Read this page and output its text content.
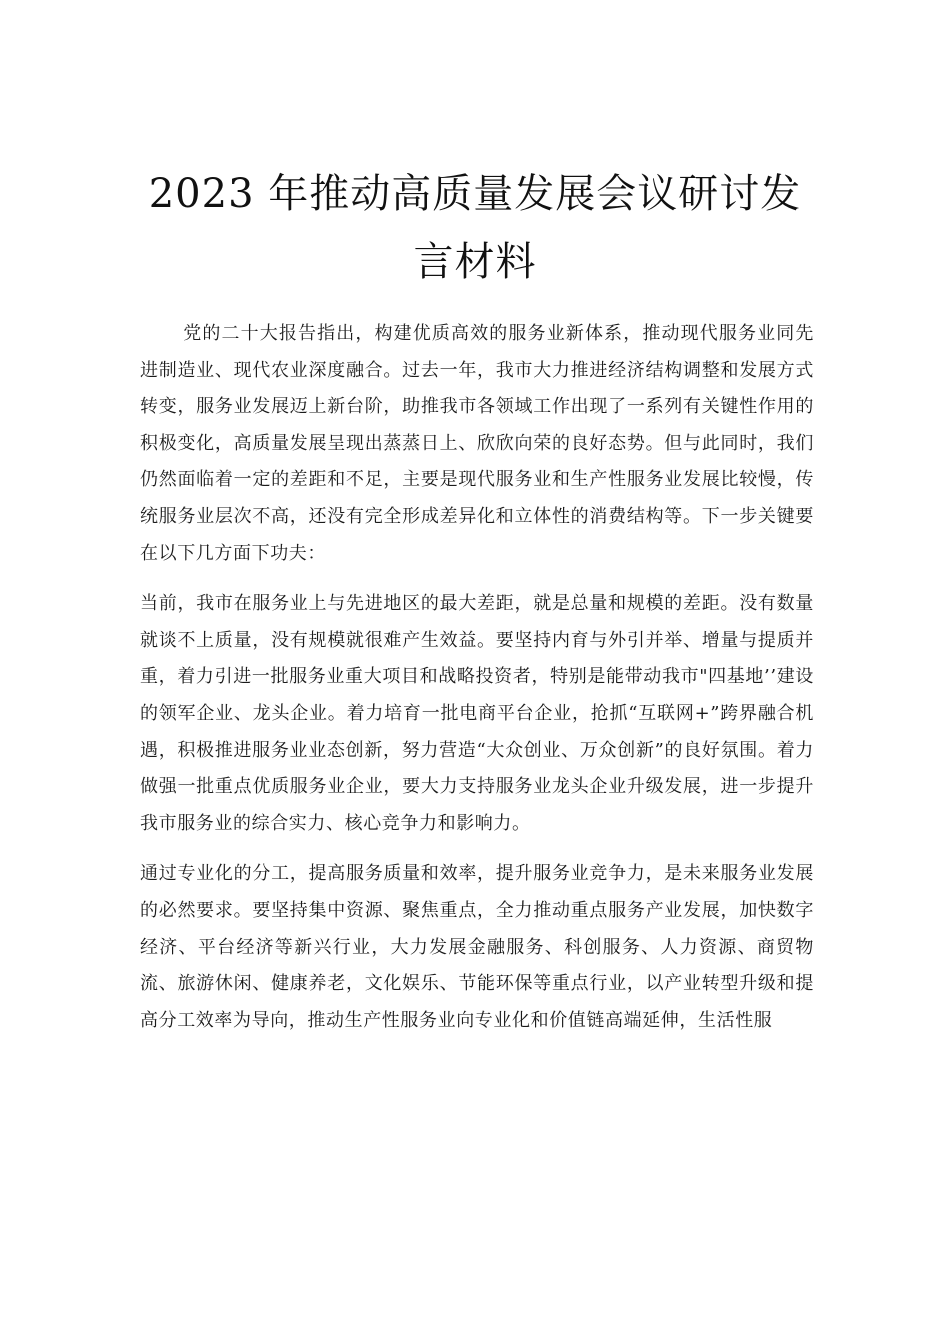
2023 年推动高质量发展会议研讨发言材料

党的二十大报告指出，构建优质高效的服务业新体系，推动现代服务业同先进制造业、现代农业深度融合。过去一年，我市大力推进经济结构调整和发展方式转变，服务业发展迈上新台阶，助推我市各领域工作出现了一系列有关键性作用的积极变化，高质量发展呈现出蒸蒸日上、欣欣向荣的良好态势。但与此同时，我们仍然面临着一定的差距和不足，主要是现代服务业和生产性服务业发展比较慢，传统服务业层次不高，还没有完全形成差异化和立体性的消费结构等。下一步关键要在以下几方面下功夫：

当前，我市在服务业上与先进地区的最大差距，就是总量和规模的差距。没有数量就谈不上质量，没有规模就很难产生效益。要坚持内育与外引并举、增量与提质并重，着力引进一批服务业重大项目和战略投资者，特别是能带动我市"四基地’’建设的领军企业、龙头企业。着力培育一批电商平台企业，抢抓“互联网+”跨界融合机遇，积极推进服务业业态创新，努力营造“大众创业、万众创新”的良好氛围。着力做强一批重点优质服务业企业，要大力支持服务业龙头企业升级发展，进一步提升我市服务业的综合实力、核心竞争力和影响力。

通过专业化的分工，提高服务质量和效率，提升服务业竞争力，是未来服务业发展的必然要求。要坚持集中资源、聚焦重点，全力推动重点服务产业发展，加快数字经济、平台经济等新兴行业，大力发展金融服务、科创服务、人力资源、商贸物流、旅游休闲、健康养老，文化娱乐、节能环保等重点行业，以产业转型升级和提高分工效率为导向，推动生产性服务业向专业化和价值链高端延伸，生活性服
